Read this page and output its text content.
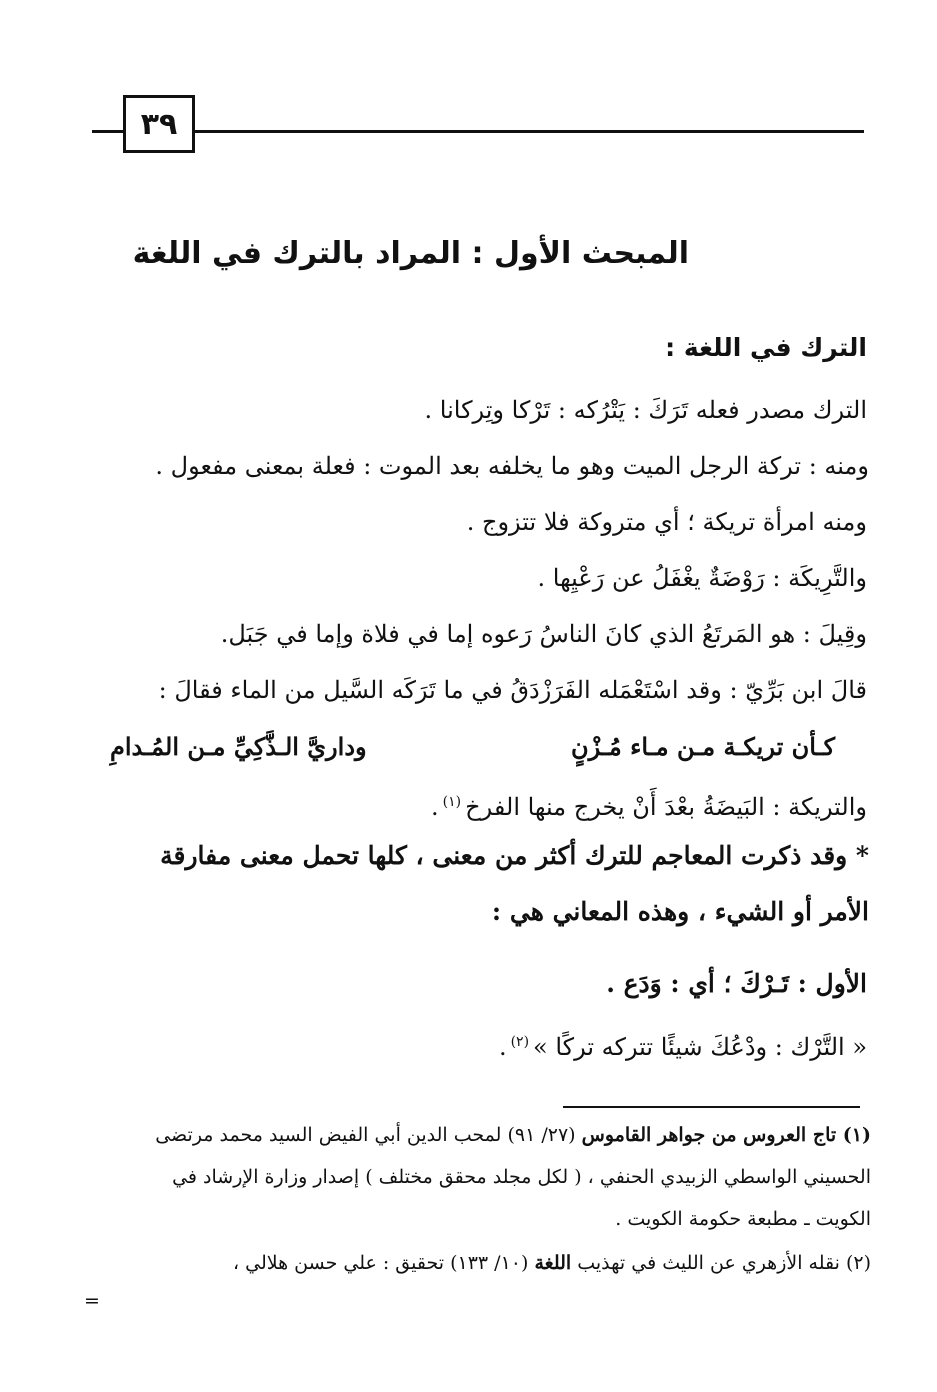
٣٩
المبحث الأول : المراد بالترك في اللغة
الترك في اللغة :
الترك مصدر فعله تَرَكَ : يَتْرُكه : تَرْكا وتِركانا .
ومنه : تركة الرجل الميت وهو ما يخلفه بعد الموت : فعلة بمعنى مفعول .
ومنه امرأة تريكة ؛ أي متروكة فلا تتزوج .
والتَّرِيكَة : رَوْضَةٌ يغْفَلُ عن رَعْيِها .
وقِيلَ : هو المَرتَعُ الذي كانَ الناسُ رَعوه إما في فلاة وإما في جَبَل.
قالَ ابن بَرِّيّ : وقد اسْتَعْمَله الفَرَزْدَقُ في ما تَرَكَه السَّيل من الماء فقالَ :
كـأن تريكـة مـن مـاء مُـزْنٍ
وداريَّ الـذَّكِيِّ مـن المُـدامِ
والتريكة : البَيضَةُ بعْدَ أَنْ يخرج منها الفرخ$^{(١)}$.
* وقد ذكرت المعاجم للترك أكثر من معنى ، كلها تحمل معنى مفارقة
الأمر أو الشيء ، وهذه المعاني هي :
الأول : تَـرْكَ ؛ أي : وَدَع .
« التَّرْك : ودْعُكَ شيئًا تتركه تركًا »$^{(٢)}$.
(١) تاج العروس من جواهر القاموس (٢٧/ ٩١) لمحب الدين أبي الفيض السيد محمد مرتضى
الحسيني الواسطي الزبيدي الحنفي ، ( لكل مجلد محقق مختلف ) إصدار وزارة الإرشاد في
الكويت ـ مطبعة حكومة الكويت .
(٢) نقله الأزهري عن الليث في تهذيب اللغة (١٠/ ١٣٣) تحقيق : علي حسن هلالي ،
=
